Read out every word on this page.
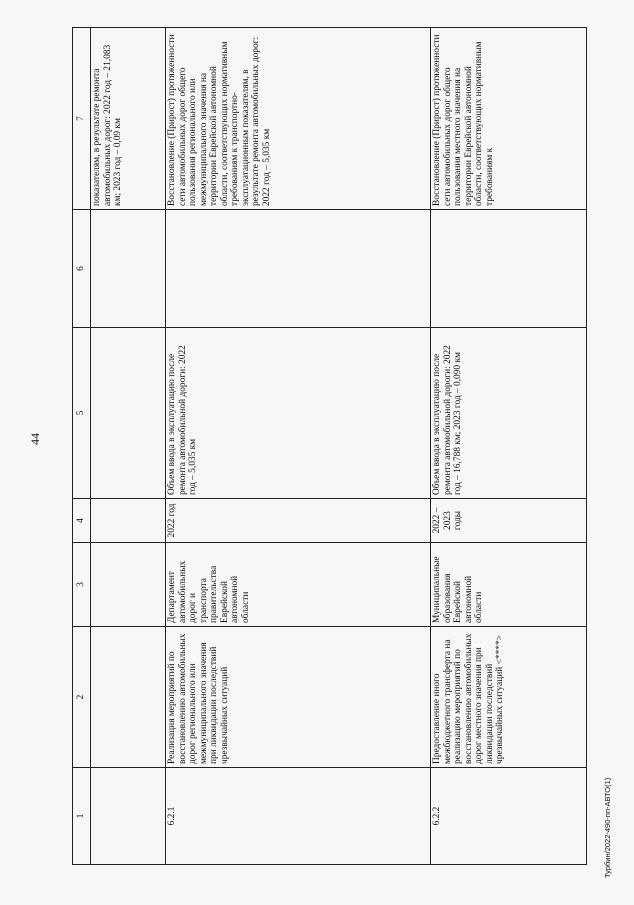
44
1	2	3	4	5	6	7
						показателям, в результате ремонта автомобильных дорог: 2022 год – 21,083 км; 2023 год – 0,09 км
6.2.1	Реализация мероприятий по восстановлению автомобильных дорог регионального или межмуниципального значения при ликвидации последствий чрезвычайных ситуаций	Департамент автомобильных дорог и транспорта правительства Еврейской автономной области	2022 год	Объем ввода в эксплуатацию после ремонта автомобильной дороги: 2022 год – 5,035 км		Восстановление (Прирост) протяженности сети автомобильных дорог общего пользования регионального или межмуниципального значения на территории Еврейской автономной области, соответствующих нормативным требованиям к транспортно-эксплуатационным показателям, в результате ремонта автомобильных дорог: 2022 год – 5,035 км
6.2.2	Предоставление иного межбюджетного трансферта на реализацию мероприятий по восстановлению автомобильных дорог местного значения при ликвидации последствий чрезвычайных ситуаций <****>	Муниципальные образования Еврейской автономной области	2022 – 2023 годы	Объем ввода в эксплуатацию после ремонта автомобильной дороги: 2022 год – 16,788 км; 2023 год – 0,090 км		Восстановление (Прирост) протяженности сети автомобильных дорог общего пользования местного значения на территории Еврейской автономной области, соответствующих нормативным требованиям к
Турбин/2022-490-пп-АВТО(1)
